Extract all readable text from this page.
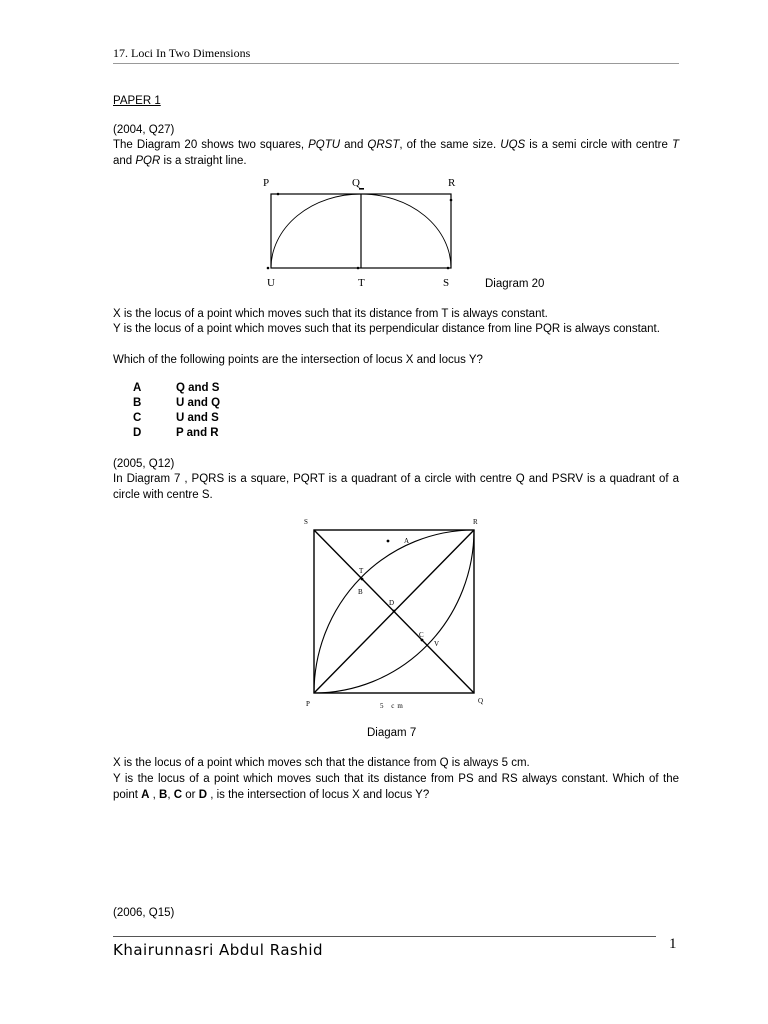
17. Loci In Two Dimensions
PAPER 1
(2004, Q27)
The Diagram 20 shows two squares, PQTU and QRST, of the same size. UQS is a semi circle with centre T and PQR is a straight line.
P	Q	R
U	T	S	Diagram 20
X is the locus of a point which moves such that its distance from T is always constant.
Y is the locus of a point which moves such that its perpendicular distance from line PQR is always constant.
Which of the following points are the intersection of locus X and locus Y?
A	Q and S
B	U and Q
C	U and S
D	P and R
(2005, Q12)
In Diagram 7 , PQRS is a square, PQRT is a quadrant of a circle with centre Q and PSRV is a quadrant of a circle with centre S.
S	R
P	Q
A
T
B
D
C
V
5 cm
Diagam 7
X is the locus of a point which moves sch that the distance from Q is always 5 cm.
Y is the locus of a point which moves such that its distance from PS and RS always constant. Which of the point A , B, C or D , is the intersection of locus X and locus Y?
(2006, Q15)
Khairunnasri Abdul Rashid	1
